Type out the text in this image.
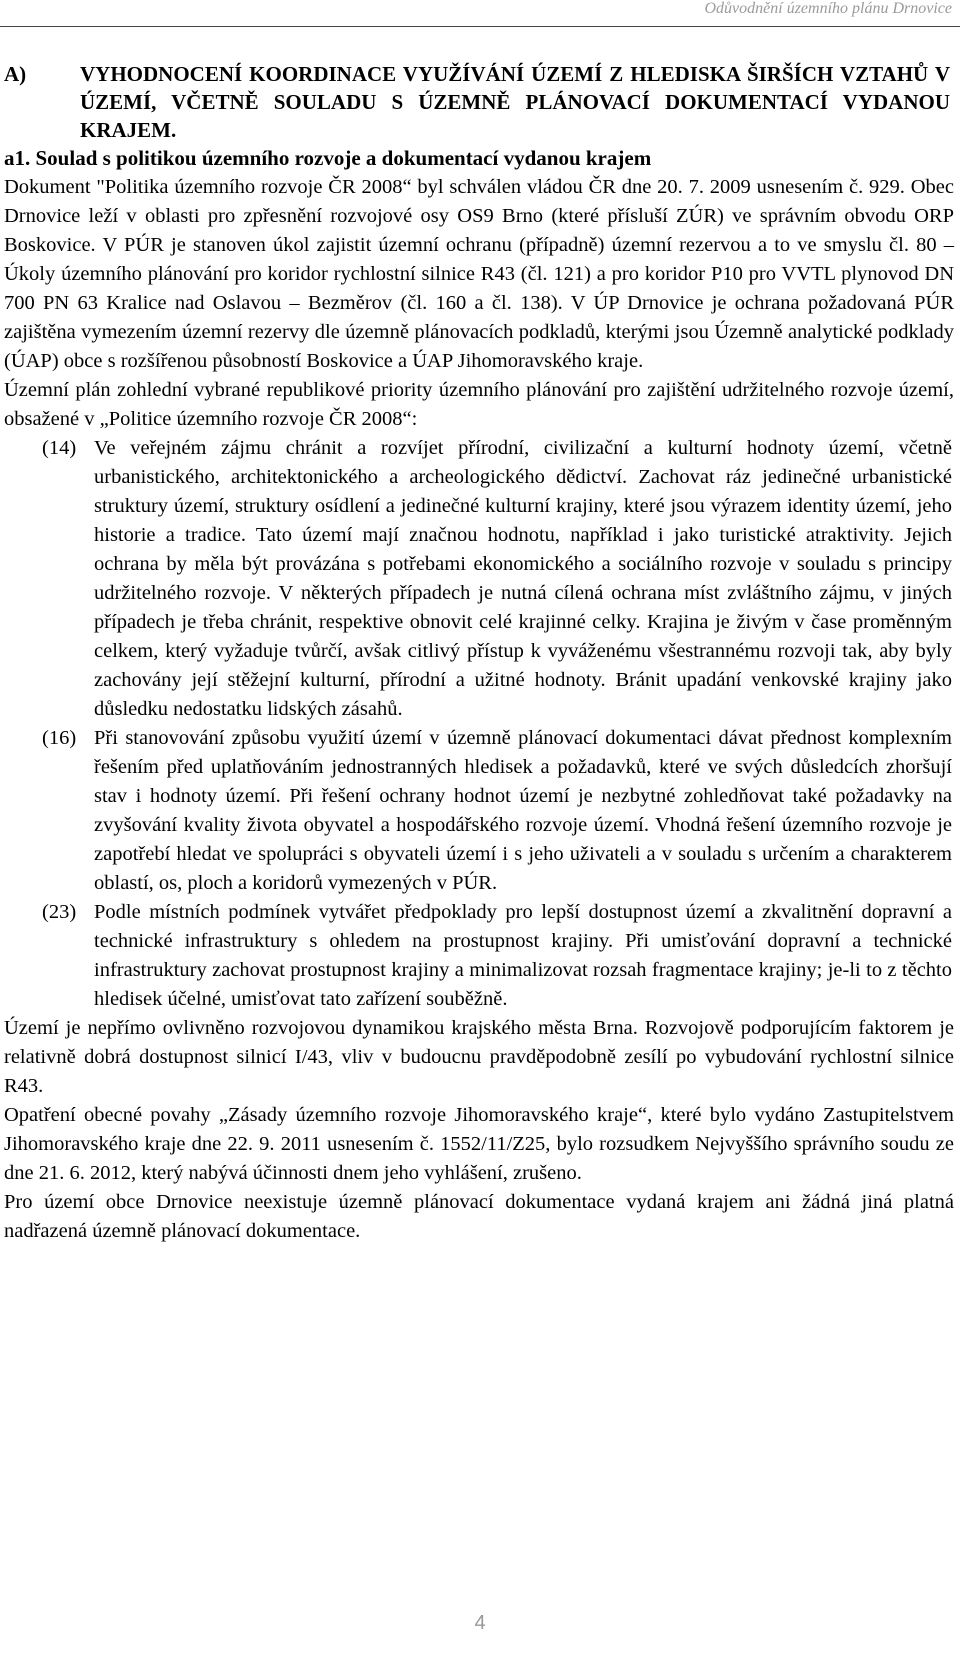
Odůvodnění územního plánu Drnovice
A)	VYHODNOCENÍ KOORDINACE VYUŽÍVÁNÍ ÚZEMÍ Z HLEDISKA ŠIRŠÍCH VZTAHŮ V ÚZEMÍ, VČETNĚ SOULADU S ÚZEMNĚ PLÁNOVACÍ DOKUMENTACÍ VYDANOU KRAJEM.
a1. Soulad s politikou územního rozvoje a dokumentací vydanou krajem

Dokument "Politika územního rozvoje ČR 2008“ byl schválen vládou ČR dne 20. 7. 2009 usnesením č. 929. Obec Drnovice leží v oblasti pro zpřesnění rozvojové osy OS9 Brno (které přísluší ZÚR) ve správním obvodu ORP Boskovice. V PÚR je stanoven úkol zajistit územní ochranu (případně) územní rezervou a to ve smyslu čl. 80 – Úkoly územního plánování pro koridor rychlostní silnice R43 (čl. 121) a pro koridor P10 pro VVTL plynovod DN 700 PN 63 Kralice nad Oslavou – Bezměrov (čl. 160 a čl. 138). V ÚP Drnovice je ochrana požadovaná PÚR zajištěna vymezením územní rezervy dle územně plánovacích podkladů, kterými jsou Územně analytické podklady (ÚAP) obce s rozšířenou působností Boskovice a ÚAP Jihomoravského kraje.

Územní plán zohlední vybrané republikové priority územního plánování pro zajištění udržitelného rozvoje území, obsažené v „Politice územního rozvoje ČR 2008“:

(14) Ve veřejném zájmu chránit a rozvíjet přírodní, civilizační a kulturní hodnoty území, včetně urbanistického, architektonického a archeologického dědictví. Zachovat ráz jedinečné urbanistické struktury území, struktury osídlení a jedinečné kulturní krajiny, které jsou výrazem identity území, jeho historie a tradice. Tato území mají značnou hodnotu, například i jako turistické atraktivity. Jejich ochrana by měla být provázána s potřebami ekonomického a sociálního rozvoje v souladu s principy udržitelného rozvoje. V některých případech je nutná cílená ochrana míst zvláštního zájmu, v jiných případech je třeba chránit, respektive obnovit celé krajinné celky. Krajina je živým v čase proměnným celkem, který vyžaduje tvůrčí, avšak citlivý přístup k vyváženému všestrannému rozvoji tak, aby byly zachovány její stěžejní kulturní, přírodní a užitné hodnoty. Bránit upadání venkovské krajiny jako důsledku nedostatku lidských zásahů.
(16) Při stanovování způsobu využití území v územně plánovací dokumentaci dávat přednost komplexním řešením před uplatňováním jednostranných hledisek a požadavků, které ve svých důsledcích zhoršují stav i hodnoty území. Při řešení ochrany hodnot území je nezbytné zohledňovat také požadavky na zvyšování kvality života obyvatel a hospodářského rozvoje území. Vhodná řešení územního rozvoje je zapotřebí hledat ve spolupráci s obyvateli území i s jeho uživateli a v souladu s určením a charakterem oblastí, os, ploch a koridorů vymezených v PÚR.
(23) Podle místních podmínek vytvářet předpoklady pro lepší dostupnost území a zkvalitnění dopravní a technické infrastruktury s ohledem na prostupnost krajiny. Při umisťování dopravní a technické infrastruktury zachovat prostupnost krajiny a minimalizovat rozsah fragmentace krajiny; je-li to z těchto hledisek účelné, umisťovat tato zařízení souběžně.

Území je nepřímo ovlivněno rozvojovou dynamikou krajského města Brna. Rozvojově podporujícím faktorem je relativně dobrá dostupnost silnicí I/43, vliv v budoucnu pravděpodobně zesílí po vybudování rychlostní silnice R43.

Opatření obecné povahy „Zásady územního rozvoje Jihomoravského kraje“, které bylo vydáno Zastupitelstvem Jihomoravského kraje dne 22. 9. 2011 usnesením č. 1552/11/Z25, bylo rozsudkem Nejvyššího správního soudu ze dne 21. 6. 2012, který nabývá účinnosti dnem jeho vyhlášení, zrušeno.

Pro území obce Drnovice neexistuje územně plánovací dokumentace vydaná krajem ani žádná jiná platná nadřazená územně plánovací dokumentace.

4
